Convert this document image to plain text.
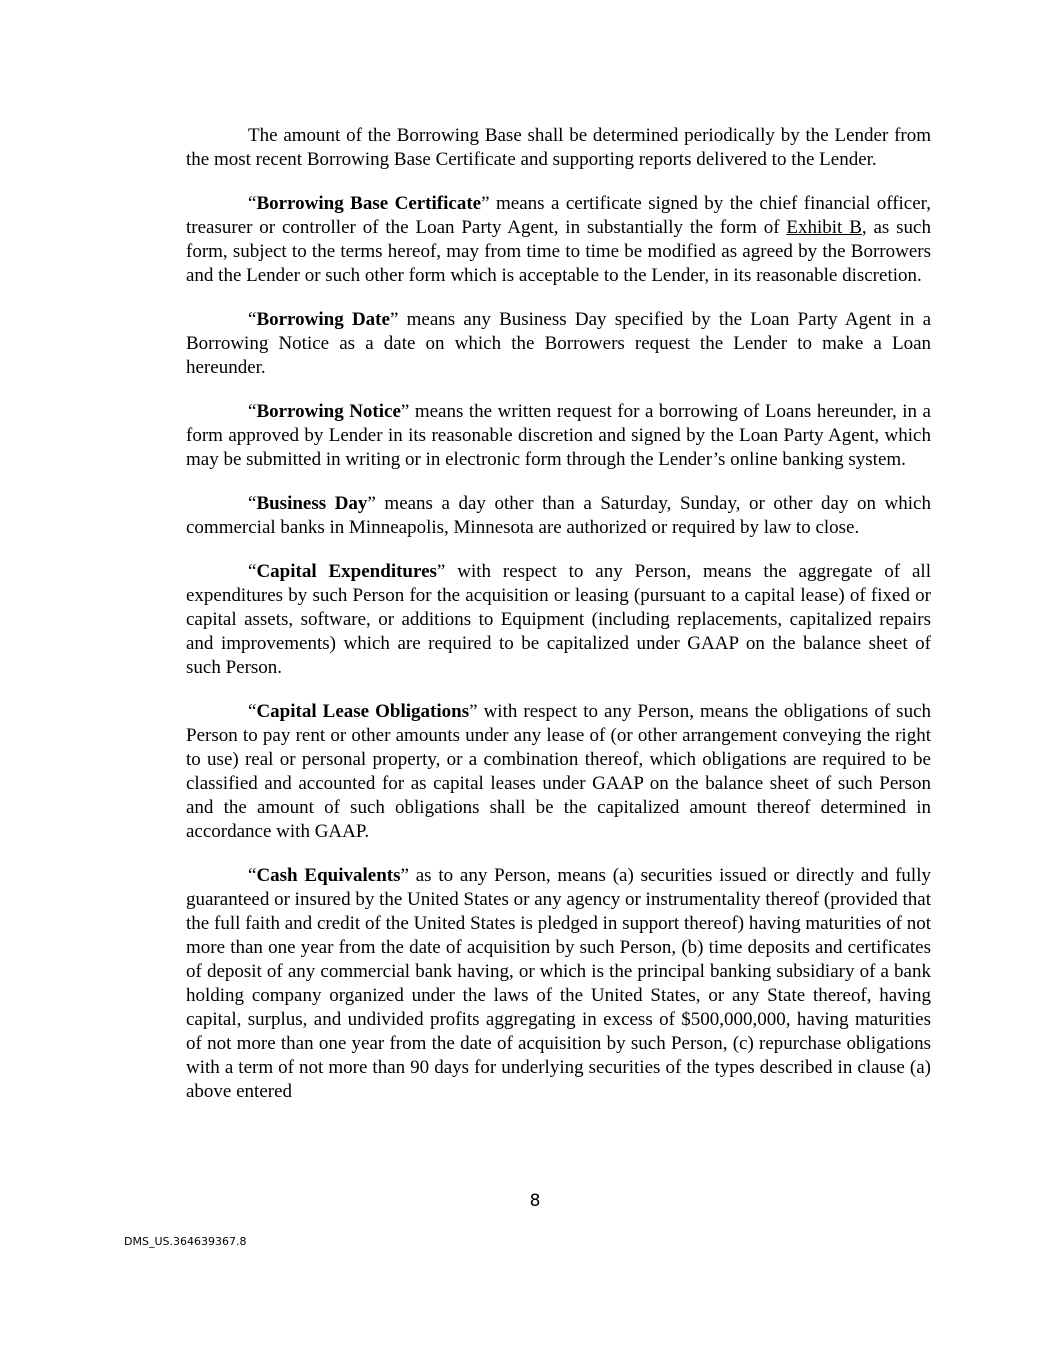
The amount of the Borrowing Base shall be determined periodically by the Lender from the most recent Borrowing Base Certificate and supporting reports delivered to the Lender.

“Borrowing Base Certificate” means a certificate signed by the chief financial officer, treasurer or controller of the Loan Party Agent, in substantially the form of Exhibit B, as such form, subject to the terms hereof, may from time to time be modified as agreed by the Borrowers and the Lender or such other form which is acceptable to the Lender, in its reasonable discretion.

“Borrowing Date” means any Business Day specified by the Loan Party Agent in a Borrowing Notice as a date on which the Borrowers request the Lender to make a Loan hereunder.

“Borrowing Notice” means the written request for a borrowing of Loans hereunder, in a form approved by Lender in its reasonable discretion and signed by the Loan Party Agent, which may be submitted in writing or in electronic form through the Lender’s online banking system.

“Business Day” means a day other than a Saturday, Sunday, or other day on which commercial banks in Minneapolis, Minnesota are authorized or required by law to close.

“Capital Expenditures” with respect to any Person, means the aggregate of all expenditures by such Person for the acquisition or leasing (pursuant to a capital lease) of fixed or capital assets, software, or additions to Equipment (including replacements, capitalized repairs and improvements) which are required to be capitalized under GAAP on the balance sheet of such Person.

“Capital Lease Obligations” with respect to any Person, means the obligations of such Person to pay rent or other amounts under any lease of (or other arrangement conveying the right to use) real or personal property, or a combination thereof, which obligations are required to be classified and accounted for as capital leases under GAAP on the balance sheet of such Person and the amount of such obligations shall be the capitalized amount thereof determined in accordance with GAAP.

“Cash Equivalents” as to any Person, means (a) securities issued or directly and fully guaranteed or insured by the United States or any agency or instrumentality thereof (provided that the full faith and credit of the United States is pledged in support thereof) having maturities of not more than one year from the date of acquisition by such Person, (b) time deposits and certificates of deposit of any commercial bank having, or which is the principal banking subsidiary of a bank holding company organized under the laws of the United States, or any State thereof, having capital, surplus, and undivided profits aggregating in excess of $500,000,000, having maturities of not more than one year from the date of acquisition by such Person, (c) repurchase obligations with a term of not more than 90 days for underlying securities of the types described in clause (a) above entered

8
DMS_US.364639367.8
